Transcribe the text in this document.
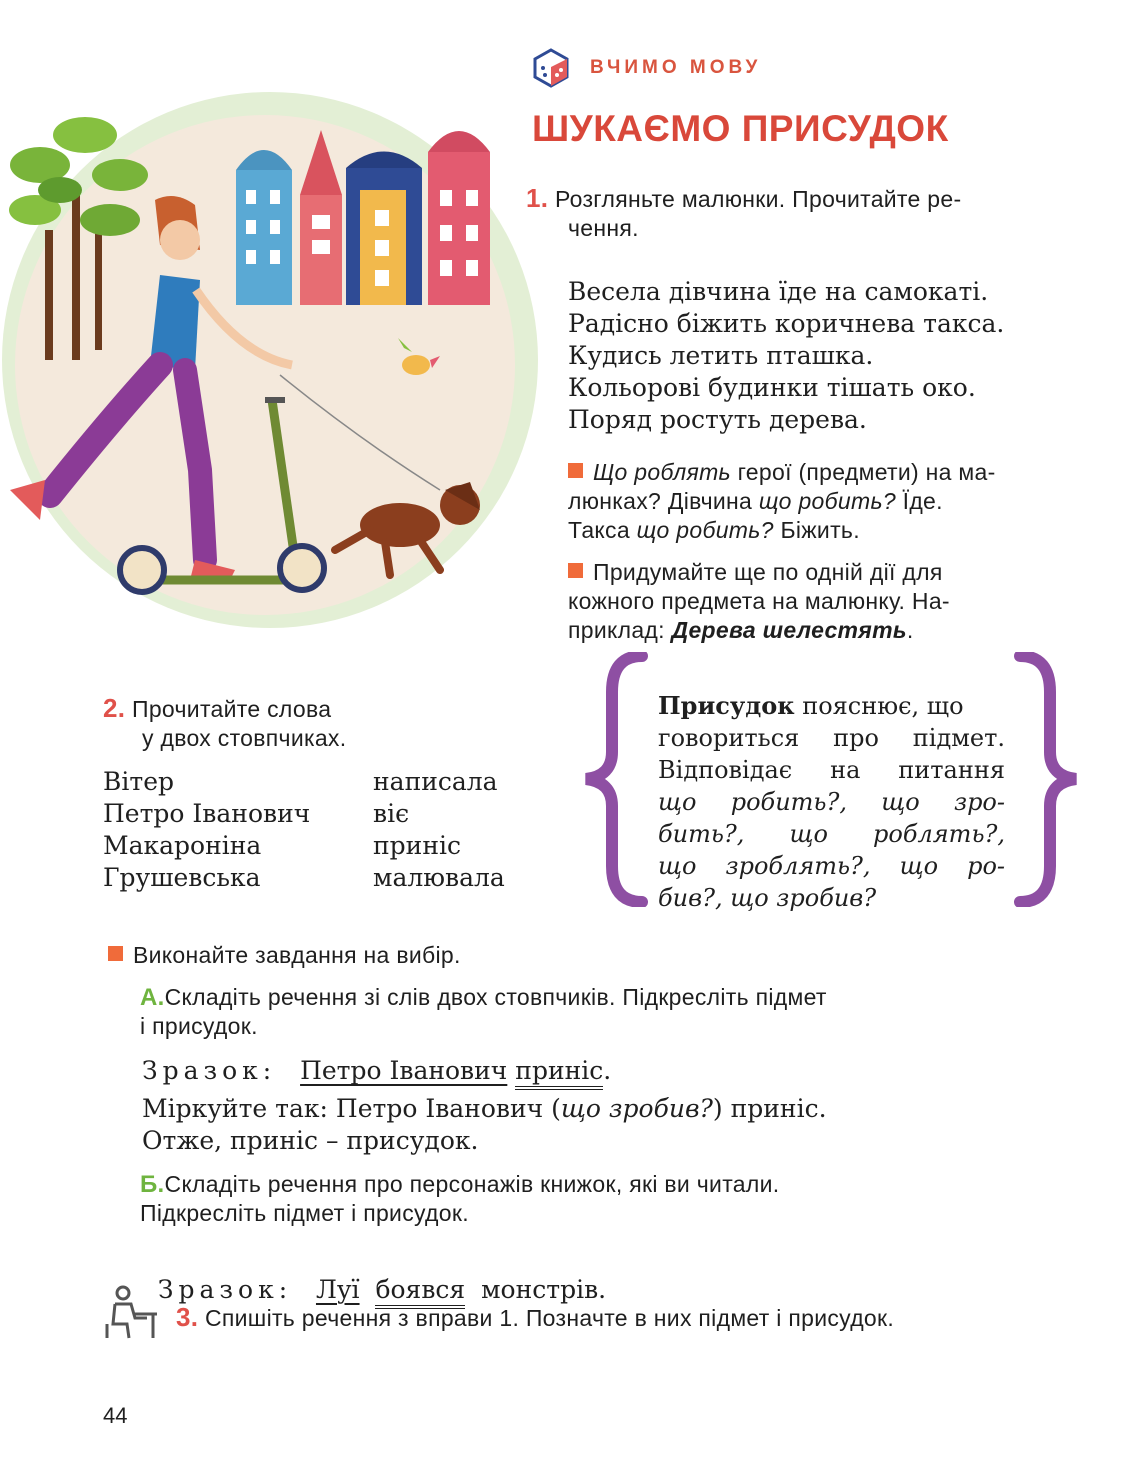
ВЧИМО МОВУ
ШУКАЄМО ПРИСУДОК
1. Розгляньте малюнки. Прочитайте ре-
чення.
Весела дівчина їде на самокаті.
Радісно біжить коричнева такса.
Кудись летить пташка.
Кольорові будинки тішать око.
Поряд ростуть дерева.
Що роблять герої (предмети) на ма-
люнках? Дівчина що робить? Їде.
Такса що робить? Біжить.
Придумайте ще по одній дії для
кожного предмета на малюнку. На-
приклад: Дерева шелестять.
Присудок пояснює, що
говориться про підмет.
Відповідає на питання
що робить?, що зро-
бить?, що роблять?,
що зроблять?, що ро-
бив?, що зробив?
2. Прочитайте слова
у двох стовпчиках.
Вітер	написала
Петро Іванович	віє
Макароніна	приніс
Грушевська	малювала
Виконайте завдання на вибір.
А.Складіть речення зі слів двох стовпчиків. Підкресліть підмет
і присудок.
Зразок: Петро Іванович приніс.
Міркуйте так: Петро Іванович (що зробив?) приніс.
Отже, приніс – присудок.
Б.Складіть речення про персонажів книжок, які ви читали.
Підкресліть підмет і присудок.

Зразок: Луї боявся монстрів.

3. Спишіть речення з вправи 1. Позначте в них підмет і присудок.
44
